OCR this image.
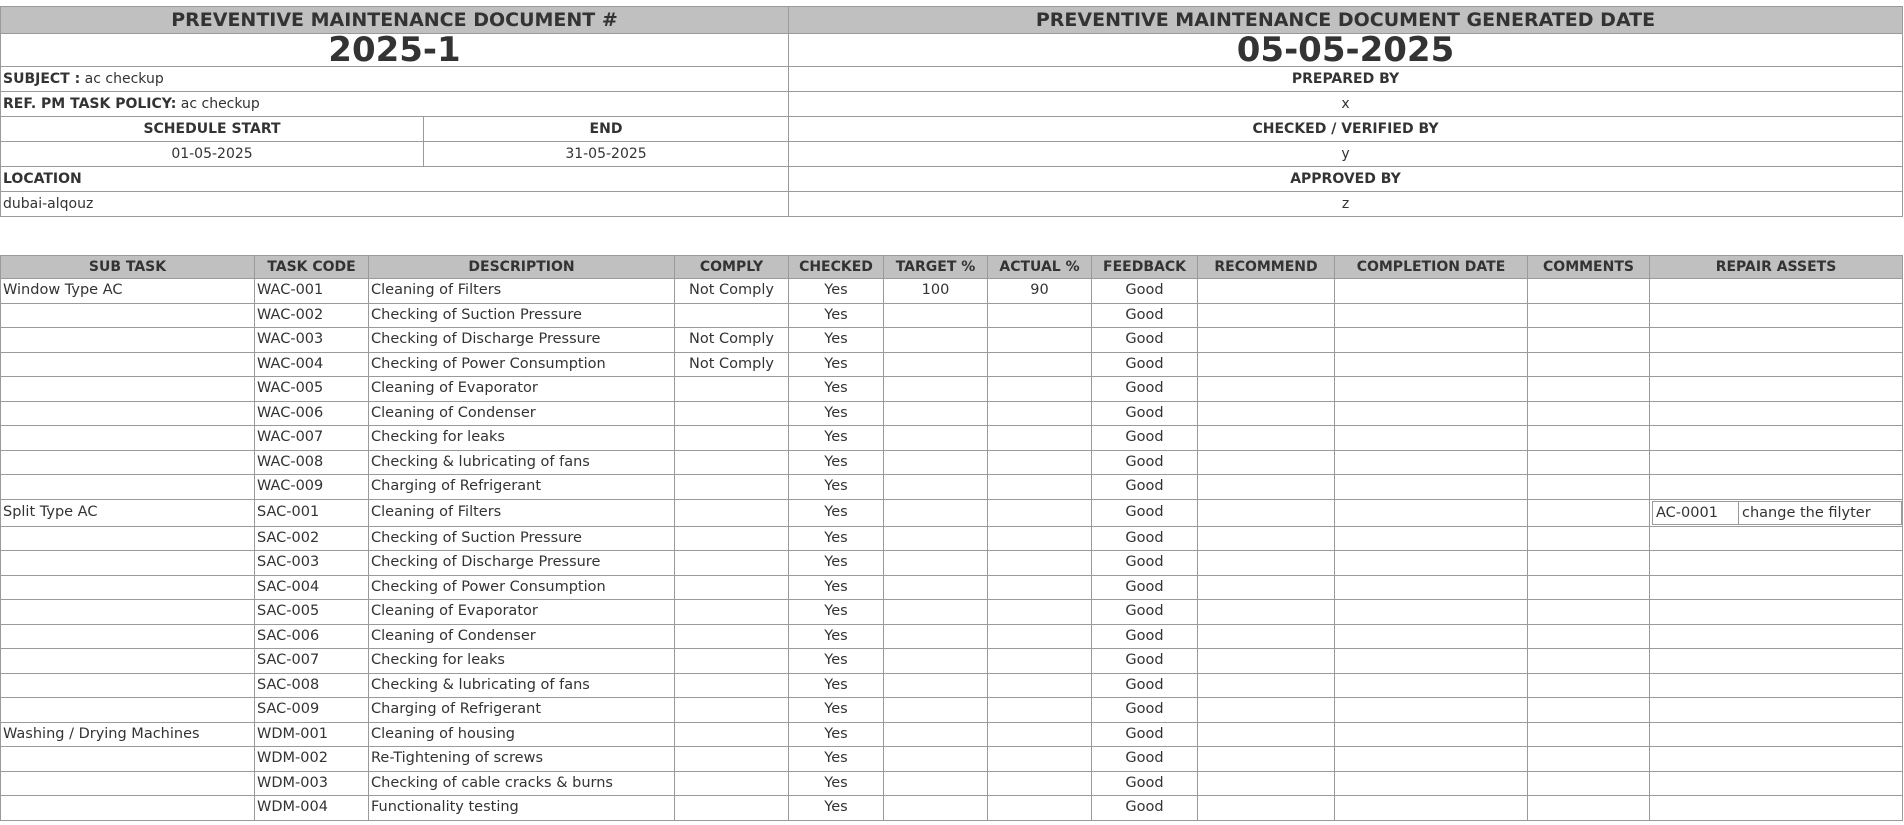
PREVENTIVE MAINTENANCE DOCUMENT #		PREVENTIVE MAINTENANCE DOCUMENT GENERATED DATE
2025-1		05-05-2025
SUBJECT : ac checkup		PREPARED BY
REF. PM TASK POLICY: ac checkup		x
SCHEDULE START	END	CHECKED / VERIFIED BY
01-05-2025	31-05-2025	y
LOCATION		APPROVED BY
dubai-alqouz		z
SUB TASK	TASK CODE	DESCRIPTION	COMPLY	CHECKED	TARGET %	ACTUAL %	FEEDBACK	RECOMMEND	COMPLETION DATE	COMMENTS	REPAIR ASSETS
Window Type AC	WAC-001	Cleaning of Filters	Not Comply	Yes	100	90	Good				
	WAC-002	Checking of Suction Pressure		Yes			Good				
	WAC-003	Checking of Discharge Pressure	Not Comply	Yes			Good				
	WAC-004	Checking of Power Consumption	Not Comply	Yes			Good				
	WAC-005	Cleaning of Evaporator		Yes			Good				
	WAC-006	Cleaning of Condenser		Yes			Good				
	WAC-007	Checking for leaks		Yes			Good				
	WAC-008	Checking & lubricating of fans		Yes			Good				
	WAC-009	Charging of Refrigerant		Yes			Good				
Split Type AC	SAC-001	Cleaning of Filters		Yes			Good				AC-0001 change the filyter

	SAC-002	Checking of Suction Pressure		Yes			Good				
	SAC-003	Checking of Discharge Pressure		Yes			Good				
	SAC-004	Checking of Power Consumption		Yes			Good				
	SAC-005	Cleaning of Evaporator		Yes			Good				
	SAC-006	Cleaning of Condenser		Yes			Good				
	SAC-007	Checking for leaks		Yes			Good				
	SAC-008	Checking & lubricating of fans		Yes			Good				
	SAC-009	Charging of Refrigerant		Yes			Good				
Washing / Drying Machines	WDM-001	Cleaning of housing		Yes			Good				
	WDM-002	Re-Tightening of screws		Yes			Good				
	WDM-003	Checking of cable cracks & burns		Yes			Good				
	WDM-004	Functionality testing		Yes			Good				
